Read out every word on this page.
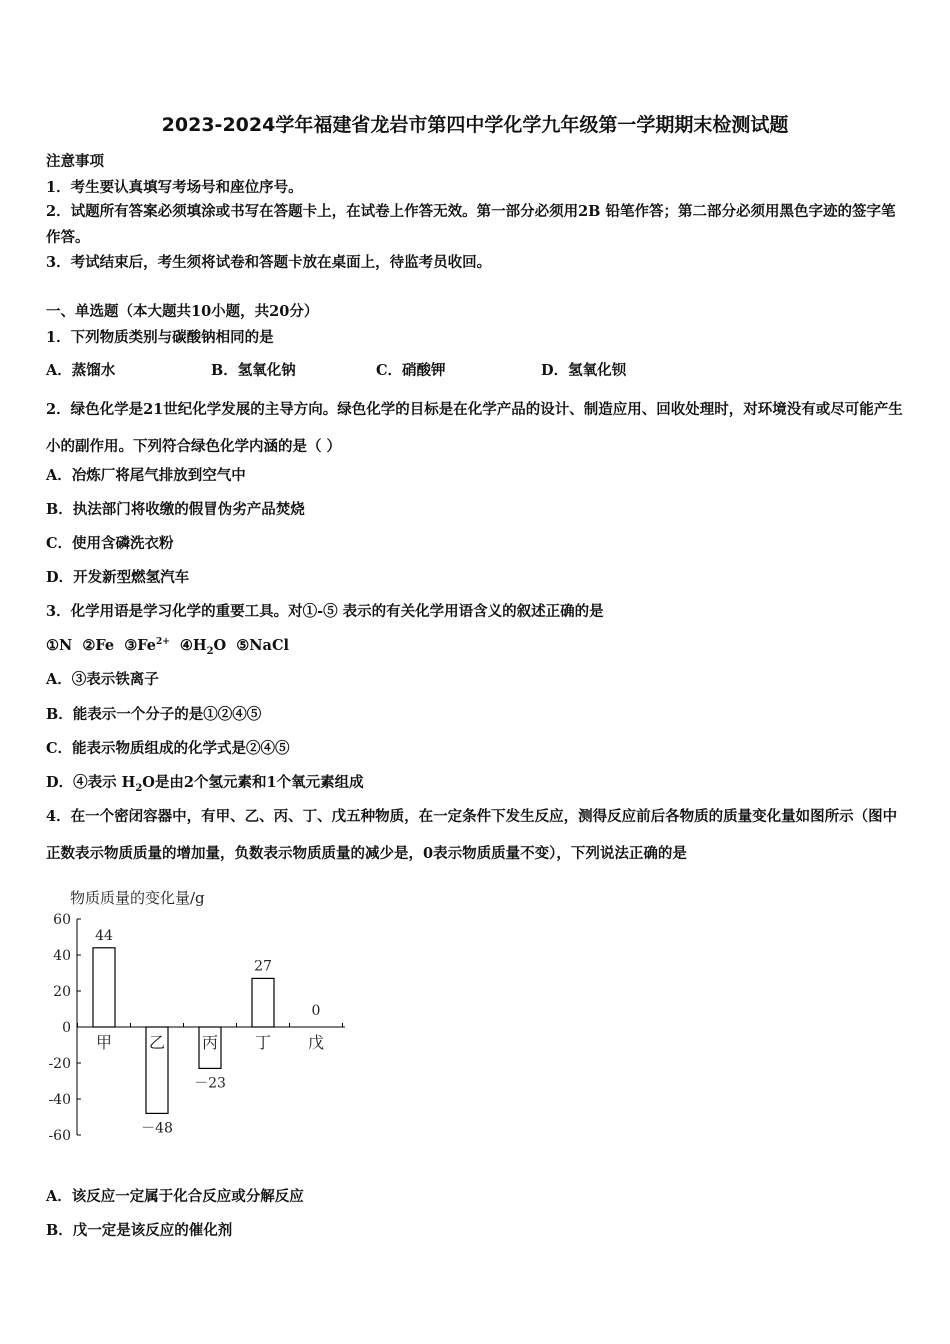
2023-2024学年福建省龙岩市第四中学化学九年级第一学期期末检测试题
注意事项
1．考生要认真填写考场号和座位序号。
2．试题所有答案必须填涂或书写在答题卡上，在试卷上作答无效。第一部分必须用2B 铅笔作答；第二部分必须用黑色字迹的签字笔作答。
3．考试结束后，考生须将试卷和答题卡放在桌面上，待监考员收回。
一、单选题（本大题共10小题，共20分）
1．下列物质类别与碳酸钠相同的是
A．蒸馏水	B．氢氧化钠	C．硝酸钾	D．氢氧化钡
2．绿色化学是21世纪化学发展的主导方向。绿色化学的目标是在化学产品的设计、制造应用、回收处理时，对环境没有或尽可能产生小的副作用。下列符合绿色化学内涵的是（ ）
A．冶炼厂将尾气排放到空气中
B．执法部门将收缴的假冒伪劣产品焚烧
C．使用含磷洗衣粉
D．开发新型燃氢汽车
3．化学用语是学习化学的重要工具。对①-⑤ 表示的有关化学用语含义的叙述正确的是
①N ②Fe $③Fe^{2+}$ $④H_2O$ ⑤NaCl
A．③表示铁离子
B．能表示一个分子的是①②④⑤
C．能表示物质组成的化学式是②④⑤
D．④表示 $H_2O$是由2个氢元素和1个氧元素组成
4．在一个密闭容器中，有甲、乙、丙、丁、戊五种物质，在一定条件下发生反应，测得反应前后各物质的质量变化量如图所示（图中正数表示物质质量的增加量，负数表示物质质量的减少是，0表示物质质量不变），下列说法正确的是
物质质量的变化量/g
60
40
20
0
-20
-40
-60
甲
44
乙
－48
丙
－23
丁
27
戊
0
A．该反应一定属于化合反应或分解反应
B．戊一定是该反应的催化剂
